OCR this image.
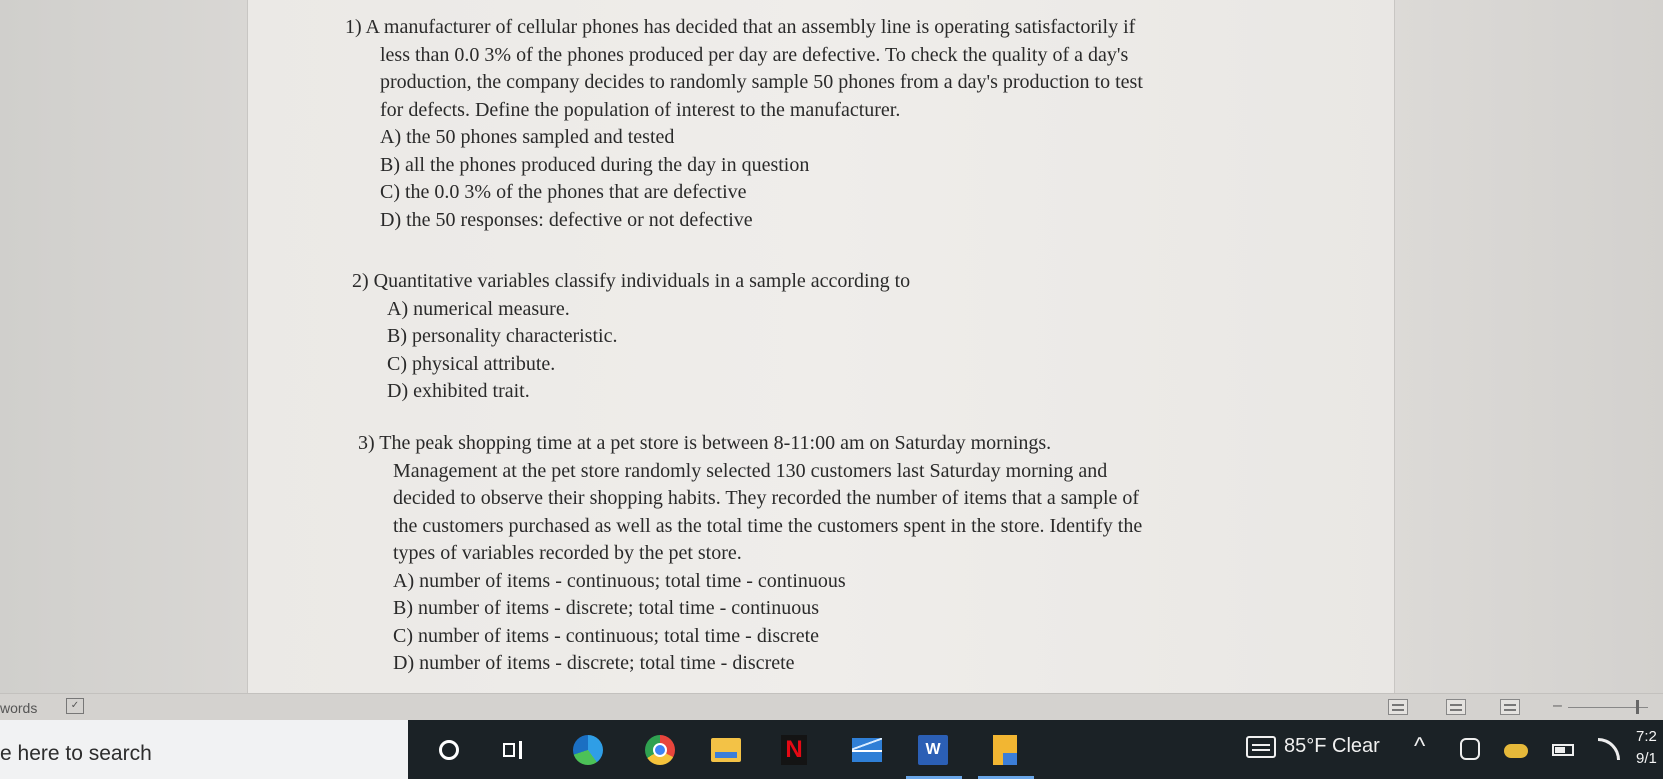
1) A manufacturer of cellular phones has decided that an assembly line is operating satisfactorily if

less than 0.0 3% of the phones produced per day are defective. To check the quality of a day's

production, the company decides to randomly sample 50 phones from a day's production to test

for defects. Define the population of interest to the manufacturer.

A) the 50 phones sampled and tested

B) all the phones produced during the day in question

C) the 0.0 3% of the phones that are defective

D) the 50 responses: defective or not defective

2) Quantitative variables classify individuals in a sample according to

A) numerical measure.

B) personality characteristic.

C) physical attribute.

D) exhibited trait.

3) The peak shopping time at a pet store is between 8-11:00 am on Saturday mornings.

Management at the pet store randomly selected 130 customers last Saturday morning and

decided to observe their shopping habits. They recorded the number of items that a sample of

the customers purchased as well as the total time the customers spent in the store. Identify the

types of variables recorded by the pet store.

A) number of items - continuous; total time - continuous

B) number of items - discrete; total time - continuous

C) number of items - continuous; total time - discrete

D) number of items - discrete; total time - discrete

words	✓	–
e here to search	N	W	85°F Clear ^	7:2
9/1
